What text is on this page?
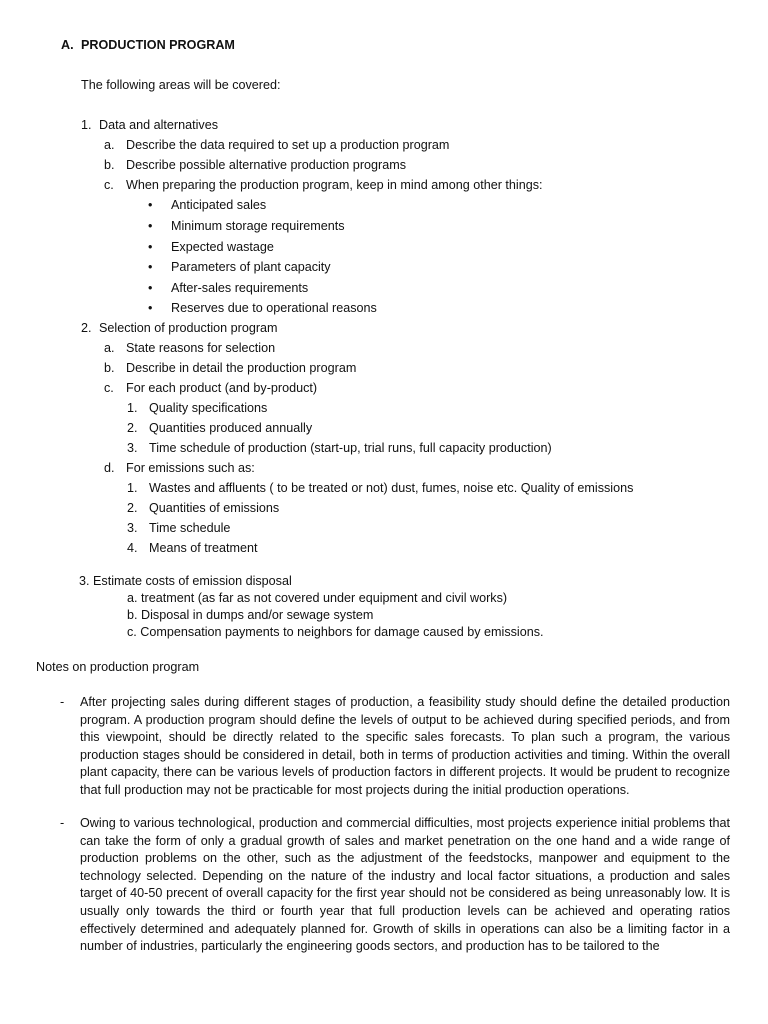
A. PRODUCTION PROGRAM
The following areas will be covered:
1. Data and alternatives
a. Describe the data required to set up a production program
b. Describe possible alternative production programs
c. When preparing the production program, keep in mind among other things:
• Anticipated sales
• Minimum storage requirements
• Expected wastage
• Parameters of plant capacity
• After-sales requirements
• Reserves due to operational reasons
2. Selection of production program
a. State reasons for selection
b. Describe in detail the production program
c. For each product (and by-product)
1. Quality specifications
2. Quantities produced annually
3. Time schedule of production (start-up, trial runs, full capacity production)
d. For emissions such as:
1. Wastes and affluents ( to be treated or not) dust, fumes, noise etc. Quality of emissions
2. Quantities of emissions
3. Time schedule
4. Means of treatment
3. Estimate costs of emission disposal
a. treatment (as far as not covered under equipment and civil works)
b. Disposal in dumps and/or sewage system
c. Compensation payments to neighbors for damage caused by emissions.
Notes on production program
- After projecting sales during different stages of production, a feasibility study should define the detailed production program. A production program should define the levels of output to be achieved during specified periods, and from this viewpoint, should be directly related to the specific sales forecasts. To plan such a program, the various production stages should be considered in detail, both in terms of production activities and timing. Within the overall plant capacity, there can be various levels of production factors in different projects. It would be prudent to recognize that full production may not be practicable for most projects during the initial production operations.

- Owing to various technological, production and commercial difficulties, most projects experience initial problems that can take the form of only a gradual growth of sales and market penetration on the one hand and a wide range of production problems on the other, such as the adjustment of the feedstocks, manpower and equipment to the technology selected. Depending on the nature of the industry and local factor situations, a production and sales target of 40-50 precent of overall capacity for the first year should not be considered as being unreasonably low. It is usually only towards the third or fourth year that full production levels can be achieved and operating ratios effectively determined and adequately planned for. Growth of skills in operations can also be a limiting factor in a number of industries, particularly the engineering goods sectors, and production has to be tailored to the
